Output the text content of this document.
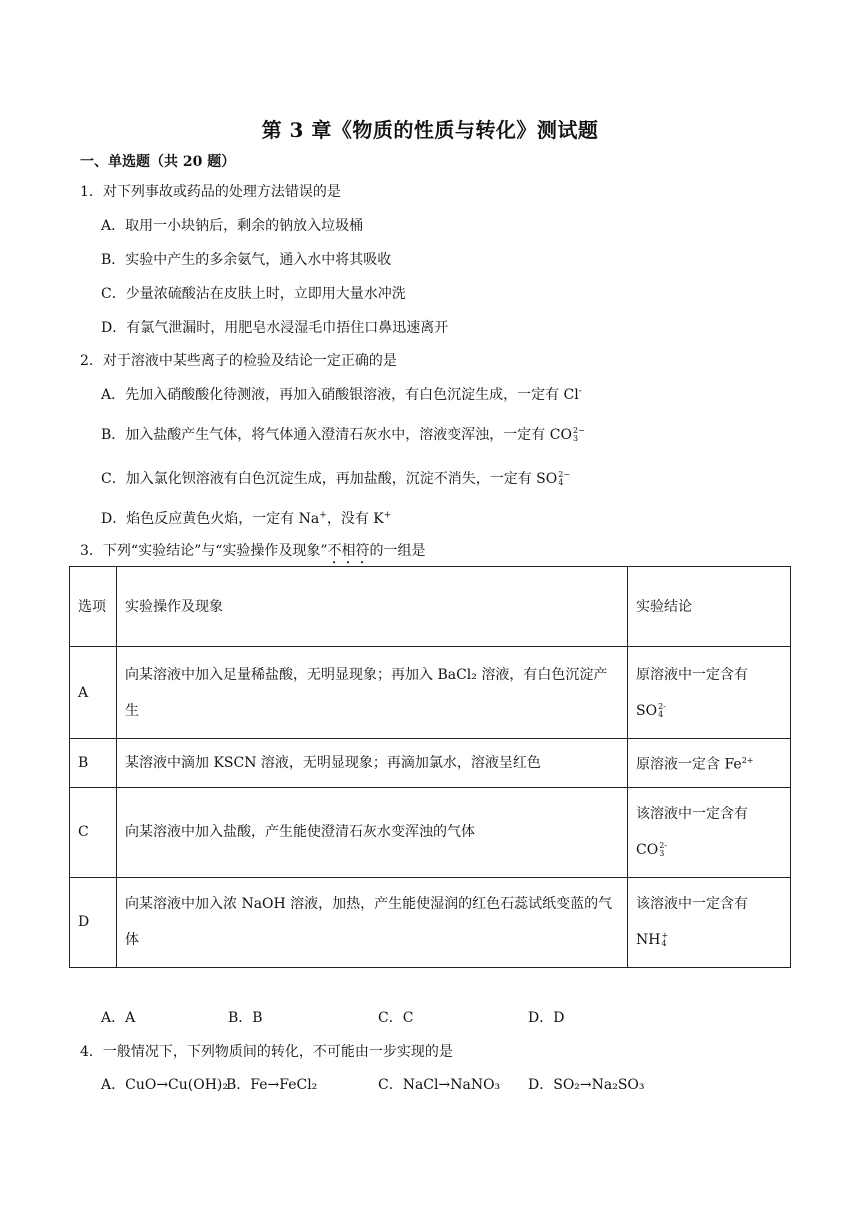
第 3 章《物质的性质与转化》测试题
一、单选题（共 20 题）
1．对下列事故或药品的处理方法错误的是
A．取用一小块钠后，剩余的钠放入垃圾桶
B．实验中产生的多余氨气，通入水中将其吸收
C．少量浓硫酸沾在皮肤上时，立即用大量水冲洗
D．有氯气泄漏时，用肥皂水浸湿毛巾捂住口鼻迅速离开
2．对于溶液中某些离子的检验及结论一定正确的是
A．先加入硝酸酸化待测液，再加入硝酸银溶液，有白色沉淀生成，一定有 Cl-
B．加入盐酸产生气体，将气体通入澄清石灰水中，溶液变浑浊，一定有 CO 2−
3
C．加入氯化钡溶液有白色沉淀生成，再加盐酸，沉淀不消失，一定有 SO 2−
4
D．焰色反应黄色火焰，一定有 Na+，没有 K+
3．下列“实验结论”与“实验操作及现象”不相符的一组是
选项	实验操作及现象	实验结论
A	向某溶液中加入足量稀盐酸，无明显现象；再加入 BaCl₂ 溶液，有白色沉淀产生	原溶液中一定含有
SO 2-
4

B	某溶液中滴加 KSCN 溶液，无明显现象；再滴加氯水，溶液呈红色	原溶液一定含 $Fe^{2+}$
C	向某溶液中加入盐酸，产生能使澄清石灰水变浑浊的气体	该溶液中一定含有
CO 2-
3

D	向某溶液中加入浓 NaOH 溶液，加热，产生能使湿润的红色石蕊试纸变蓝的气体	该溶液中一定含有
NH +
4
A．A	B．B	C．C	D．D
4．一般情况下，下列物质间的转化，不可能由一步实现的是
A．CuO→Cu(OH)₂
B．Fe→FeCl₂	C．NaCl→NaNO₃ D．SO₂→Na₂SO₃
